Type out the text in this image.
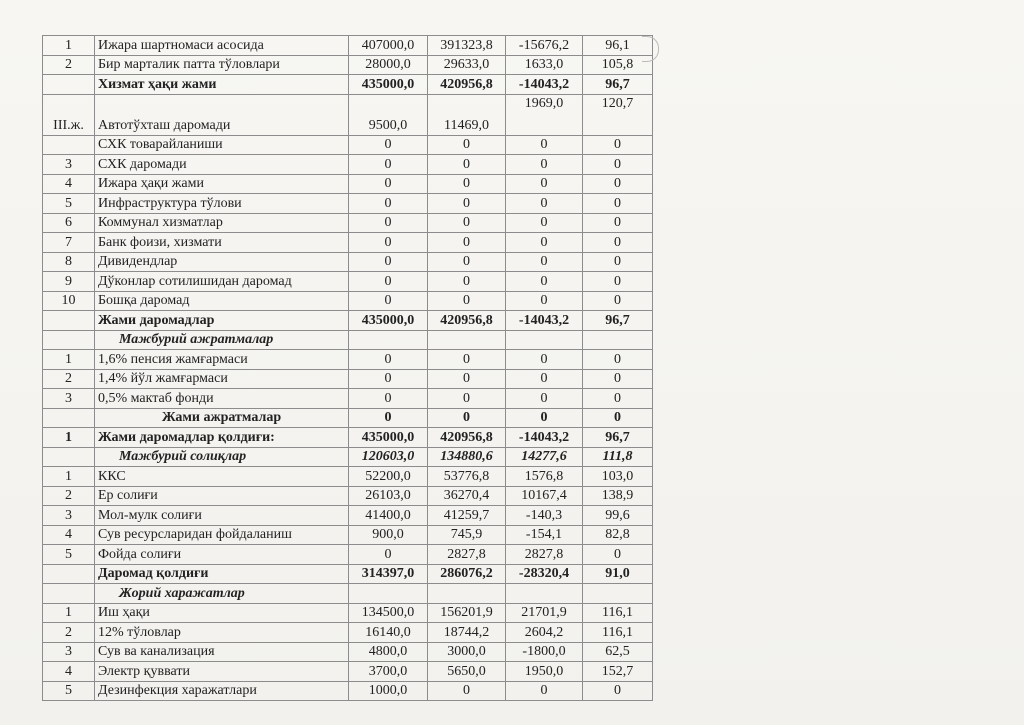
1	Ижара шартномаси асосида	407000,0	391323,8	-15676,2	96,1
2	Бир марталик патта тўловлари	28000,0	29633,0	1633,0	105,8
	Хизмат ҳақи жами	435000,0	420956,8	-14043,2	96,7
III.ж.	Автотўхташ даромади	9500,0	11469,0	1969,0	120,7
	СХК товарайланиши	0	0	0	0
3	СХК даромади	0	0	0	0
4	Ижара ҳақи жами	0	0	0	0
5	Инфраструктура тўлови	0	0	0	0
6	Коммунал хизматлар	0	0	0	0
7	Банк фоизи, хизмати	0	0	0	0
8	Дивидендлар	0	0	0	0
9	Дўконлар сотилишидан даромад	0	0	0	0
10	Бошқа даромад	0	0	0	0
	Жами даромадлар	435000,0	420956,8	-14043,2	96,7
	Мажбурий ажратмалар				
1	1,6% пенсия жамғармаси	0	0	0	0
2	1,4% йўл жамғармаси	0	0	0	0
3	0,5% мактаб фонди	0	0	0	0
	Жами ажратмалар	0	0	0	0
1	Жами даромадлар қолдиғи:	435000,0	420956,8	-14043,2	96,7
	Мажбурий солиқлар	120603,0	134880,6	14277,6	111,8
1	ККС	52200,0	53776,8	1576,8	103,0
2	Ер солиғи	26103,0	36270,4	10167,4	138,9
3	Мол-мулк солиғи	41400,0	41259,7	-140,3	99,6
4	Сув ресурсларидан фойдаланиш	900,0	745,9	-154,1	82,8
5	Фойда солиғи	0	2827,8	2827,8	0
	Даромад қолдиғи	314397,0	286076,2	-28320,4	91,0
	Жорий харажатлар				
1	Иш ҳақи	134500,0	156201,9	21701,9	116,1
2	12% тўловлар	16140,0	18744,2	2604,2	116,1
3	Сув ва канализация	4800,0	3000,0	-1800,0	62,5
4	Электр қуввати	3700,0	5650,0	1950,0	152,7
5	Дезинфекция харажатлари	1000,0	0	0	0
